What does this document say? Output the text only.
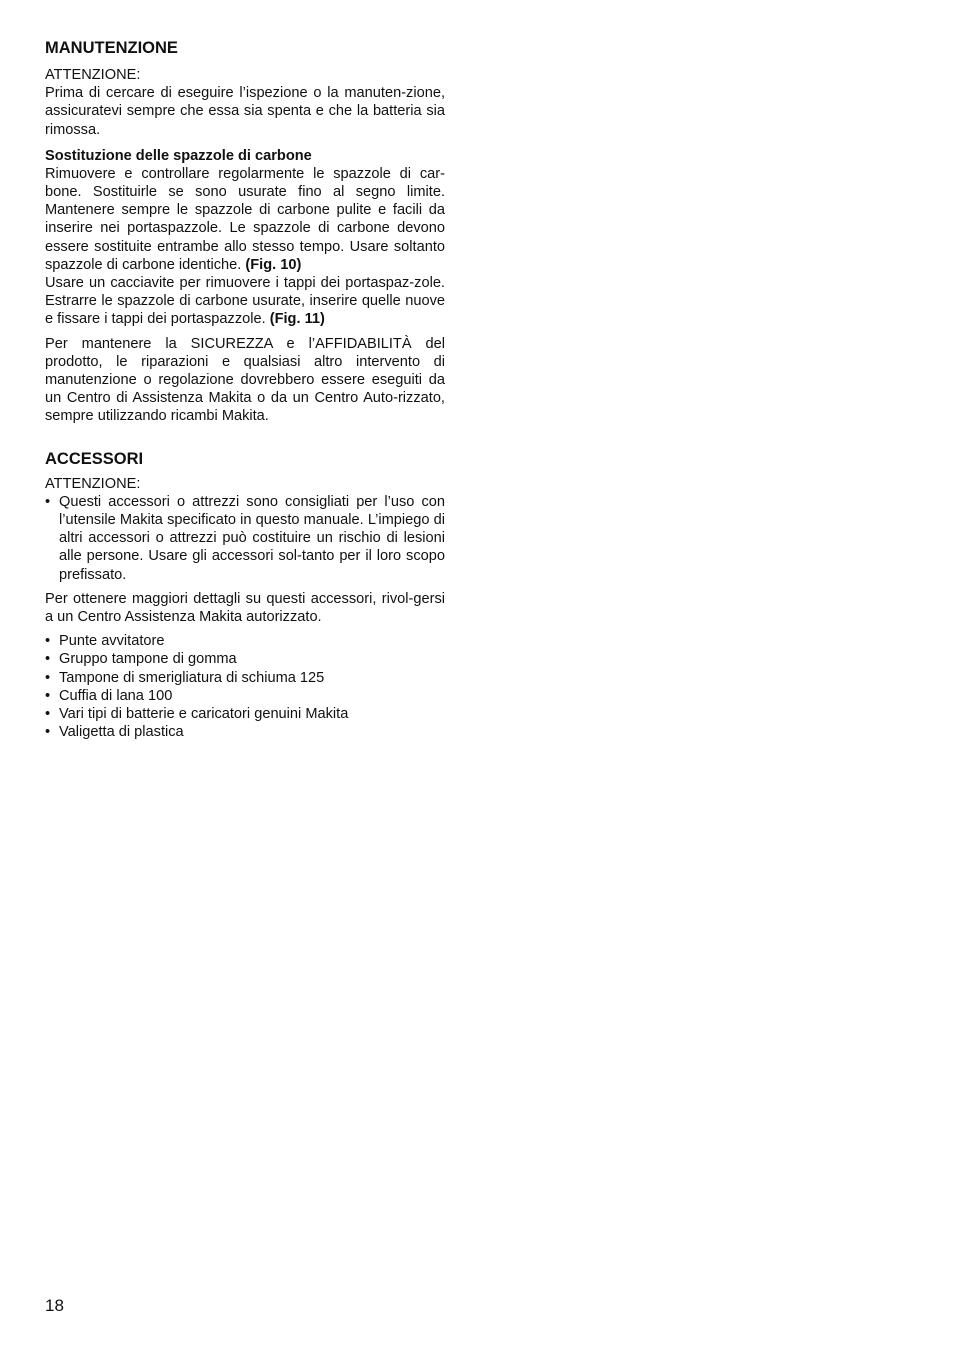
MANUTENZIONE

ATTENZIONE:

Prima di cercare di eseguire l’ispezione o la manuten-zione, assicuratevi sempre che essa sia spenta e che la batteria sia rimossa.

Sostituzione delle spazzole di carbone

Rimuovere e controllare regolarmente le spazzole di car-bone. Sostituirle se sono usurate fino al segno limite. Mantenere sempre le spazzole di carbone pulite e facili da inserire nei portaspazzole. Le spazzole di carbone devono essere sostituite entrambe allo stesso tempo. Usare soltanto spazzole di carbone identiche. (Fig. 10)

Usare un cacciavite per rimuovere i tappi dei portaspaz-zole. Estrarre le spazzole di carbone usurate, inserire quelle nuove e fissare i tappi dei portaspazzole. (Fig. 11)

Per mantenere la SICUREZZA e l’AFFIDABILITÀ del prodotto, le riparazioni e qualsiasi altro intervento di manutenzione o regolazione dovrebbero essere eseguiti da un Centro di Assistenza Makita o da un Centro Auto-rizzato, sempre utilizzando ricambi Makita.

ACCESSORI

ATTENZIONE:

• Questi accessori o attrezzi sono consigliati per l’uso con l’utensile Makita specificato in questo manuale. L’impiego di altri accessori o attrezzi può costituire un rischio di lesioni alle persone. Usare gli accessori sol-tanto per il loro scopo prefissato.

Per ottenere maggiori dettagli su questi accessori, rivol-gersi a un Centro Assistenza Makita autorizzato.

• Punte avvitatore
• Gruppo tampone di gomma
• Tampone di smerigliatura di schiuma 125
• Cuffia di lana 100
• Vari tipi di batterie e caricatori genuini Makita
• Valigetta di plastica
18
